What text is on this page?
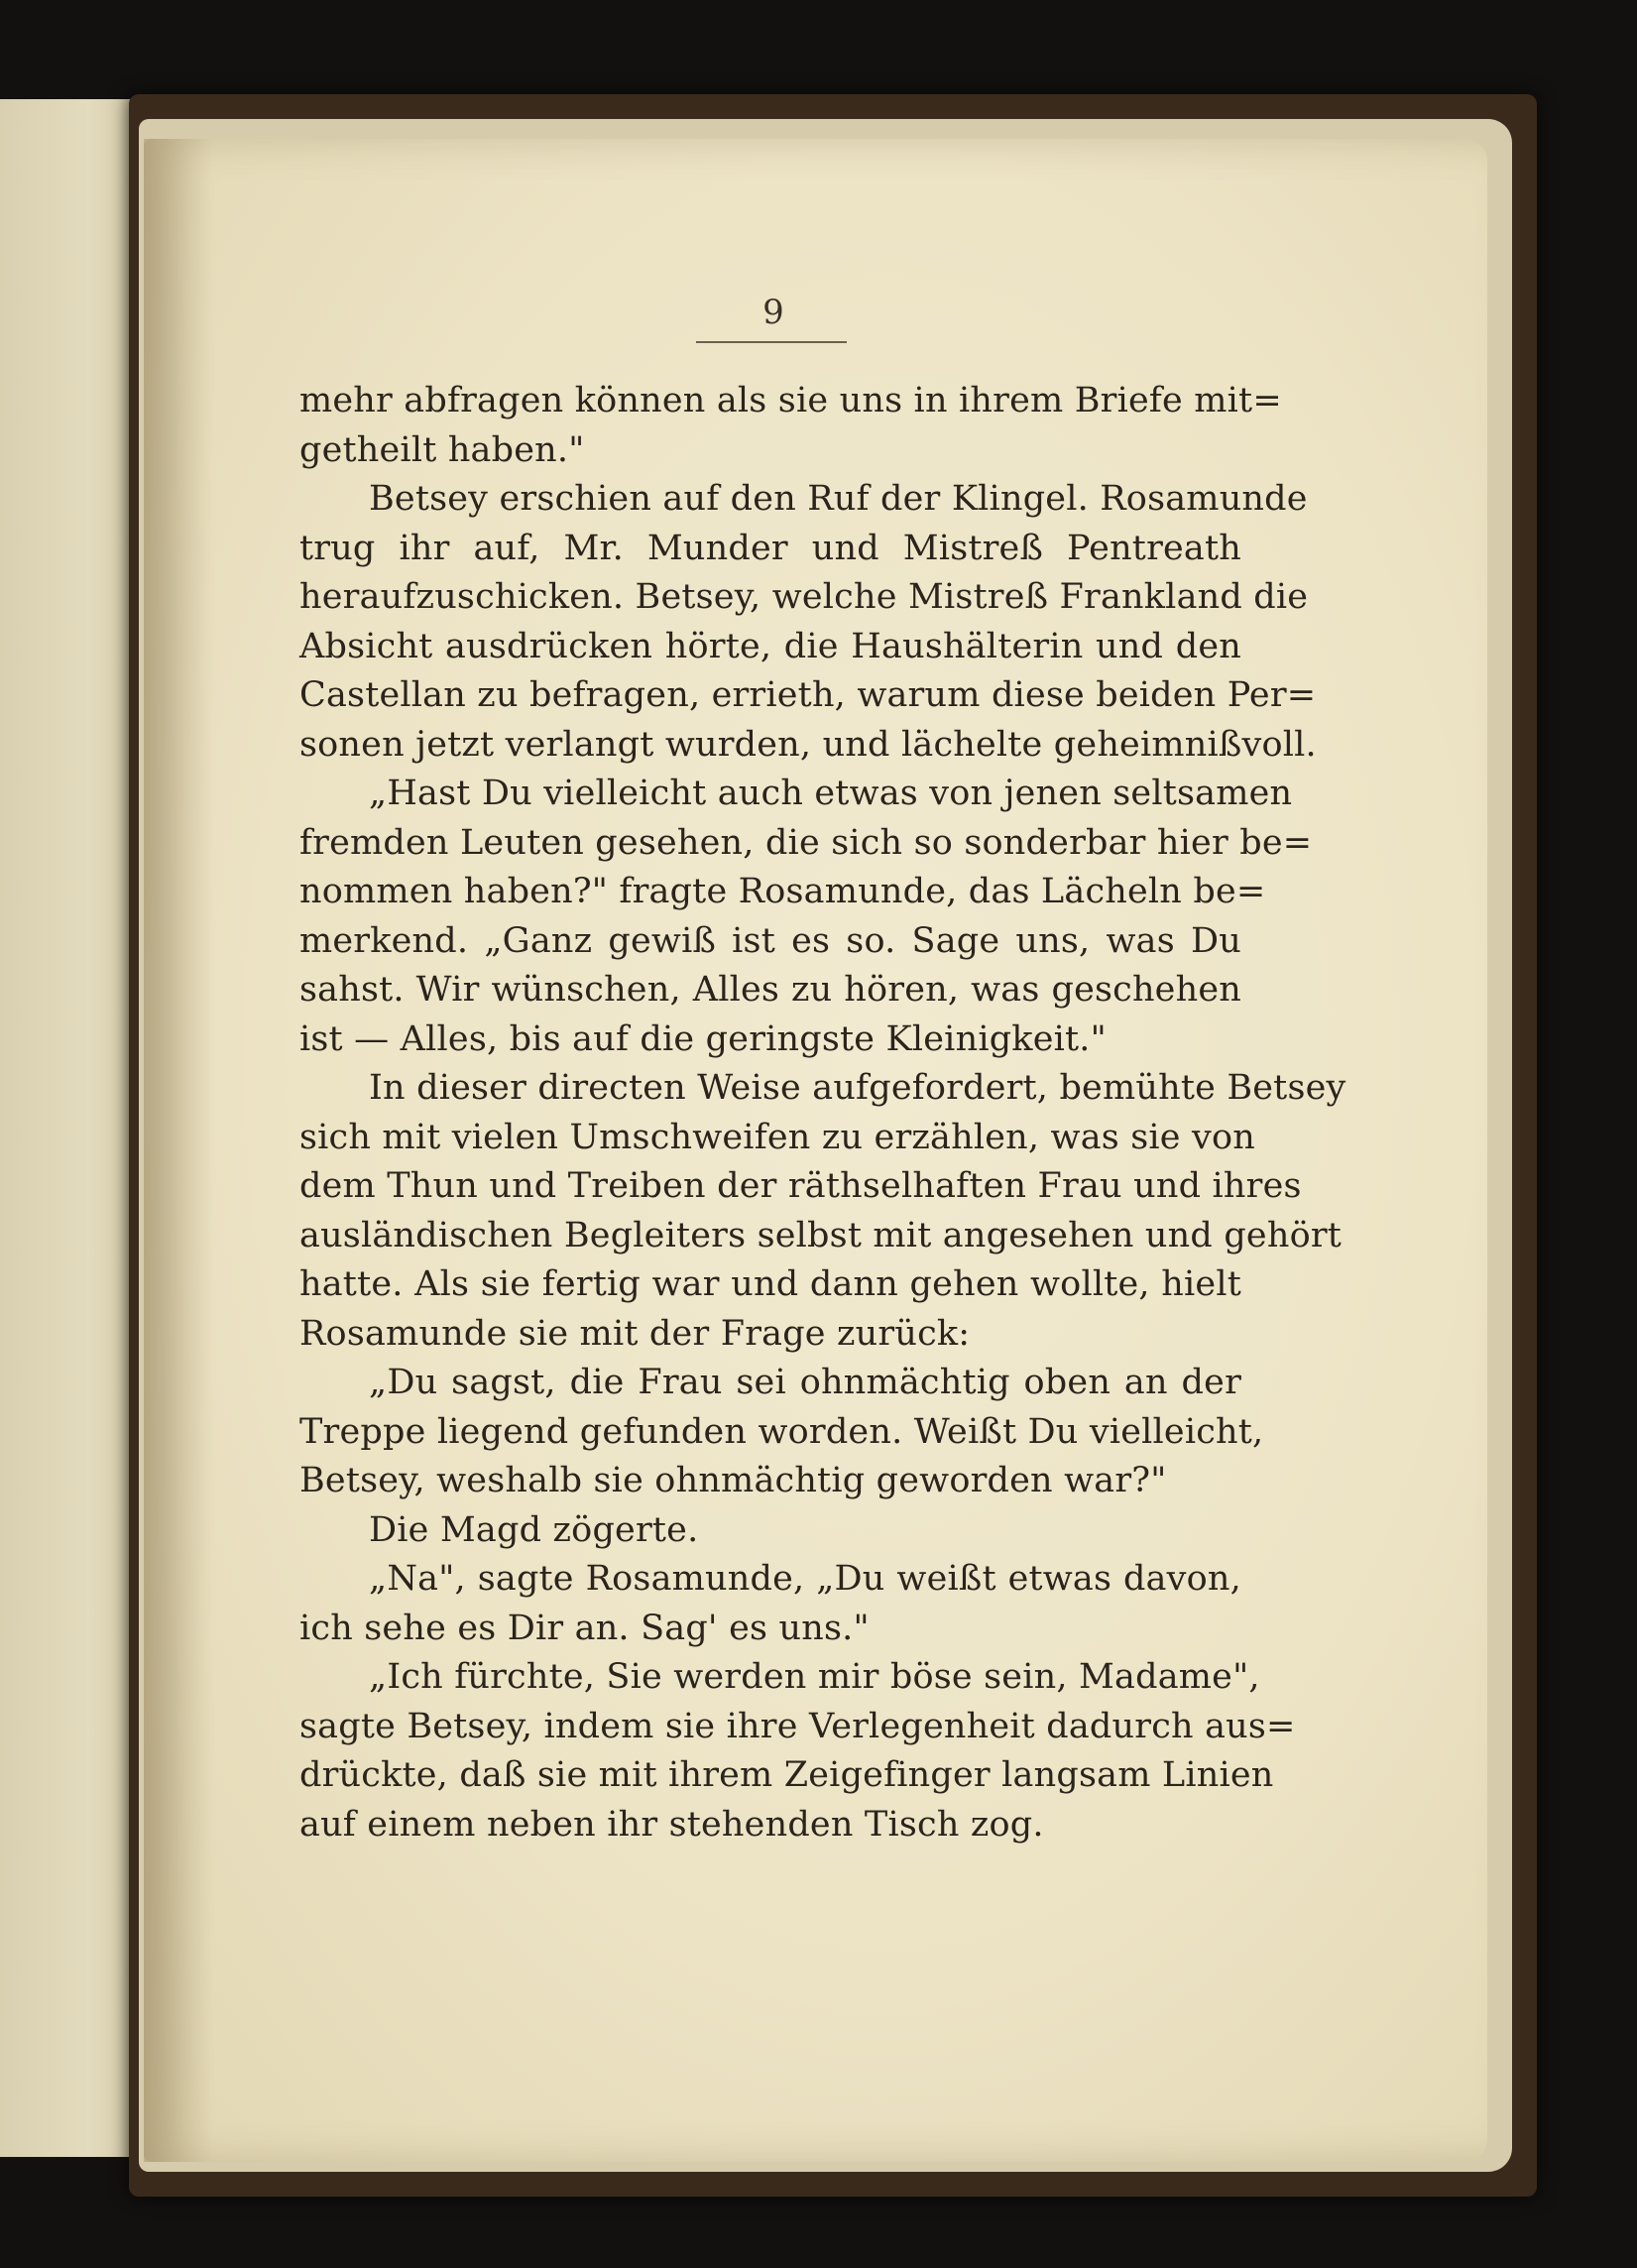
9
mehr abfragen können als sie uns in ihrem Briefe mit=
getheilt haben."
Betsey erschien auf den Ruf der Klingel. Rosamunde
trug ihr auf, Mr. Munder und Mistreß Pentreath
heraufzuschicken. Betsey, welche Mistreß Frankland die
Absicht ausdrücken hörte, die Haushälterin und den
Castellan zu befragen, errieth, warum diese beiden Per=
sonen jetzt verlangt wurden, und lächelte geheimnißvoll.
„Hast Du vielleicht auch etwas von jenen seltsamen
fremden Leuten gesehen, die sich so sonderbar hier be=
nommen haben?" fragte Rosamunde, das Lächeln be=
merkend. „Ganz gewiß ist es so. Sage uns, was Du
sahst. Wir wünschen, Alles zu hören, was geschehen
ist — Alles, bis auf die geringste Kleinigkeit."
In dieser directen Weise aufgefordert, bemühte Betsey
sich mit vielen Umschweifen zu erzählen, was sie von
dem Thun und Treiben der räthselhaften Frau und ihres
ausländischen Begleiters selbst mit angesehen und gehört
hatte. Als sie fertig war und dann gehen wollte, hielt
Rosamunde sie mit der Frage zurück:
„Du sagst, die Frau sei ohnmächtig oben an der
Treppe liegend gefunden worden. Weißt Du vielleicht,
Betsey, weshalb sie ohnmächtig geworden war?"
Die Magd zögerte.
„Na", sagte Rosamunde, „Du weißt etwas davon,
ich sehe es Dir an. Sag' es uns."
„Ich fürchte, Sie werden mir böse sein, Madame",
sagte Betsey, indem sie ihre Verlegenheit dadurch aus=
drückte, daß sie mit ihrem Zeigefinger langsam Linien
auf einem neben ihr stehenden Tisch zog.
